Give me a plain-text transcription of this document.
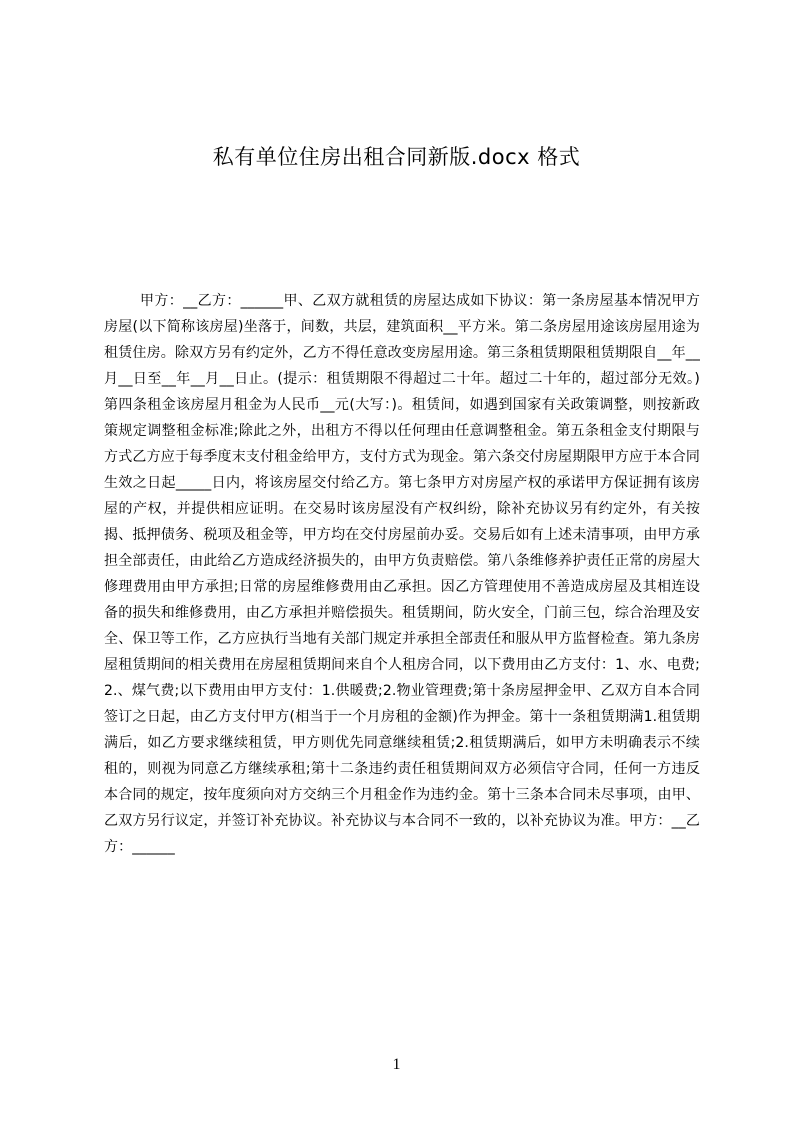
私有单位住房出租合同新版.docx 格式

甲方：__乙方：______甲、乙双方就租赁的房屋达成如下协议：第一条房屋基本情况甲方房屋(以下简称该房屋)坐落于，间数，共层，建筑面积__平方米。第二条房屋用途该房屋用途为租赁住房。除双方另有约定外，乙方不得任意改变房屋用途。第三条租赁期限租赁期限自__年__月__日至__年__月__日止。(提示：租赁期限不得超过二十年。超过二十年的，超过部分无效。)第四条租金该房屋月租金为人民币__元(大写：)。租赁间，如遇到国家有关政策调整，则按新政策规定调整租金标准;除此之外，出租方不得以任何理由任意调整租金。第五条租金支付期限与方式乙方应于每季度末支付租金给甲方，支付方式为现金。第六条交付房屋期限甲方应于本合同生效之日起_____日内，将该房屋交付给乙方。第七条甲方对房屋产权的承诺甲方保证拥有该房屋的产权，并提供相应证明。在交易时该房屋没有产权纠纷，除补充协议另有约定外，有关按揭、抵押债务、税项及租金等，甲方均在交付房屋前办妥。交易后如有上述未清事项，由甲方承担全部责任，由此给乙方造成经济损失的，由甲方负责赔偿。第八条维修养护责任正常的房屋大修理费用由甲方承担;日常的房屋维修费用由乙承担。因乙方管理使用不善造成房屋及其相连设备的损失和维修费用，由乙方承担并赔偿损失。租赁期间，防火安全，门前三包，综合治理及安全、保卫等工作，乙方应执行当地有关部门规定并承担全部责任和服从甲方监督检查。第九条房屋租赁期间的相关费用在房屋租赁期间来自个人租房合同，以下费用由乙方支付：1、水、电费;2.、煤气费;以下费用由甲方支付：1.供暖费;2.物业管理费;第十条房屋押金甲、乙双方自本合同签订之日起，由乙方支付甲方(相当于一个月房租的金额)作为押金。第十一条租赁期满1.租赁期满后，如乙方要求继续租赁，甲方则优先同意继续租赁;2.租赁期满后，如甲方未明确表示不续租的，则视为同意乙方继续承租;第十二条违约责任租赁期间双方必须信守合同，任何一方违反本合同的规定，按年度须向对方交纳三个月租金作为违约金。第十三条本合同未尽事项，由甲、乙双方另行议定，并签订补充协议。补充协议与本合同不一致的，以补充协议为准。甲方：__乙方：______

1
